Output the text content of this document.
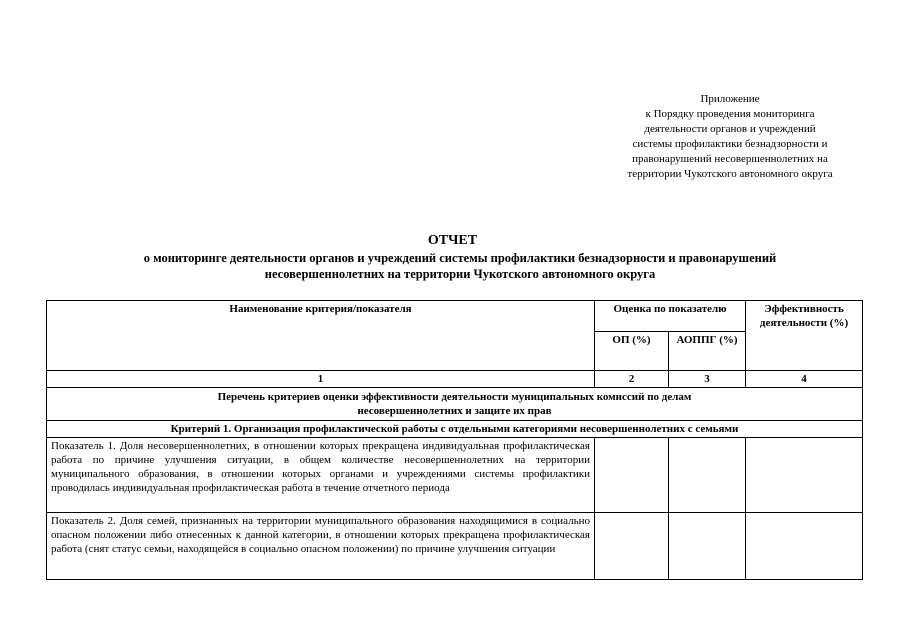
Приложение
к Порядку проведения мониторинга
деятельности органов и учреждений
системы профилактики безнадзорности и
правонарушений несовершеннолетних на
территории Чукотского автономного округа
ОТЧЕТ
о мониторинге деятельности органов и учреждений системы профилактики безнадзорности и правонарушений
несовершеннолетних на территории Чукотского автономного округа
Наименование критерия/показателя	Оценка по показателю		Эффективность деятельности (%)
	ОП (%)	АОППГ (%)	
1	2	3	4
Перечень критериев оценки эффективности деятельности муниципальных комиссий по делам несовершеннолетних и защите их прав			
Критерий 1. Организация профилактической работы с отдельными категориями несовершеннолетних с семьями			
Показатель 1. Доля несовершеннолетних, в отношении которых прекращена индивидуальная профилактическая работа по причине улучшения ситуации, в общем количестве несовершеннолетних на территории муниципального образования, в отношении которых органами и учреждениями системы профилактики проводилась индивидуальная профилактическая работа в течение отчетного периода			
Показатель 2. Доля семей, признанных на территории муниципального образования находящимися в социально опасном положении либо отнесенных к данной категории, в отношении которых прекращена профилактическая работа (снят статус семьи, находящейся в социально опасном положении) по причине улучшения ситуации			
